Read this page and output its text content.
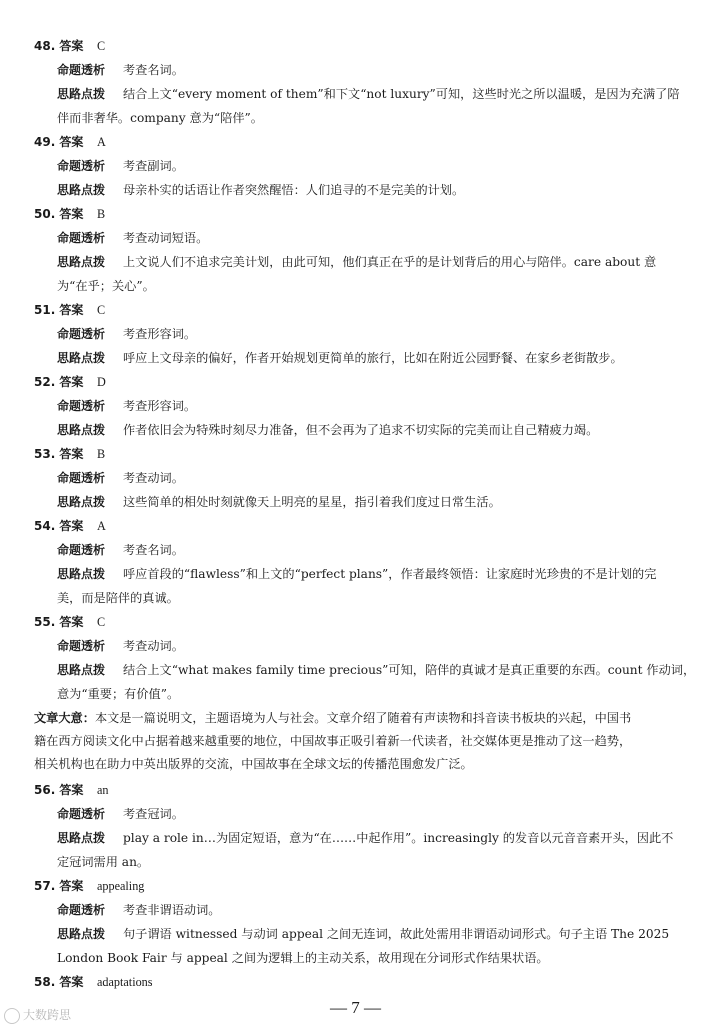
48. 答案 C
命题透析 考查名词。
思路点拨 结合上文“every moment of them”和下文“not luxury”可知，这些时光之所以温暖，是因为充满了陪
伴而非奢华。company 意为“陪伴”。
49. 答案 A
命题透析 考查副词。
思路点拨 母亲朴实的话语让作者突然醒悟：人们追寻的不是完美的计划。
50. 答案 B
命题透析 考查动词短语。
思路点拨 上文说人们不追求完美计划，由此可知，他们真正在乎的是计划背后的用心与陪伴。care about 意
为“在乎；关心”。
51. 答案 C
命题透析 考查形容词。
思路点拨 呼应上文母亲的偏好，作者开始规划更简单的旅行，比如在附近公园野餐、在家乡老街散步。
52. 答案 D
命题透析 考查形容词。
思路点拨 作者依旧会为特殊时刻尽力准备，但不会再为了追求不切实际的完美而让自己精疲力竭。
53. 答案 B
命题透析 考查动词。
思路点拨 这些简单的相处时刻就像天上明亮的星星，指引着我们度过日常生活。
54. 答案 A
命题透析 考查名词。
思路点拨 呼应首段的“flawless”和上文的“perfect plans”，作者最终领悟：让家庭时光珍贵的不是计划的完
美，而是陪伴的真诚。
55. 答案 C
命题透析 考查动词。
思路点拨 结合上文“what makes family time precious”可知，陪伴的真诚才是真正重要的东西。count 作动词，
意为“重要；有价值”。
文章大意：本文是一篇说明文，主题语境为人与社会。文章介绍了随着有声读物和抖音读书板块的兴起，中国书
籍在西方阅读文化中占据着越来越重要的地位，中国故事正吸引着新一代读者，社交媒体更是推动了这一趋势，
相关机构也在助力中英出版界的交流，中国故事在全球文坛的传播范围愈发广泛。
56. 答案 an
命题透析 考查冠词。
思路点拨 play a role in…为固定短语，意为“在……中起作用”。increasingly 的发音以元音音素开头，因此不
定冠词需用 an。
57. 答案 appealing
命题透析 考查非谓语动词。
思路点拨 句子谓语 witnessed 与动词 appeal 之间无连词，故此处需用非谓语动词形式。句子主语 The 2025
London Book Fair 与 appeal 之间为逻辑上的主动关系，故用现在分词形式作结果状语。
58. 答案 adaptations
— 7 —
大数跨思
